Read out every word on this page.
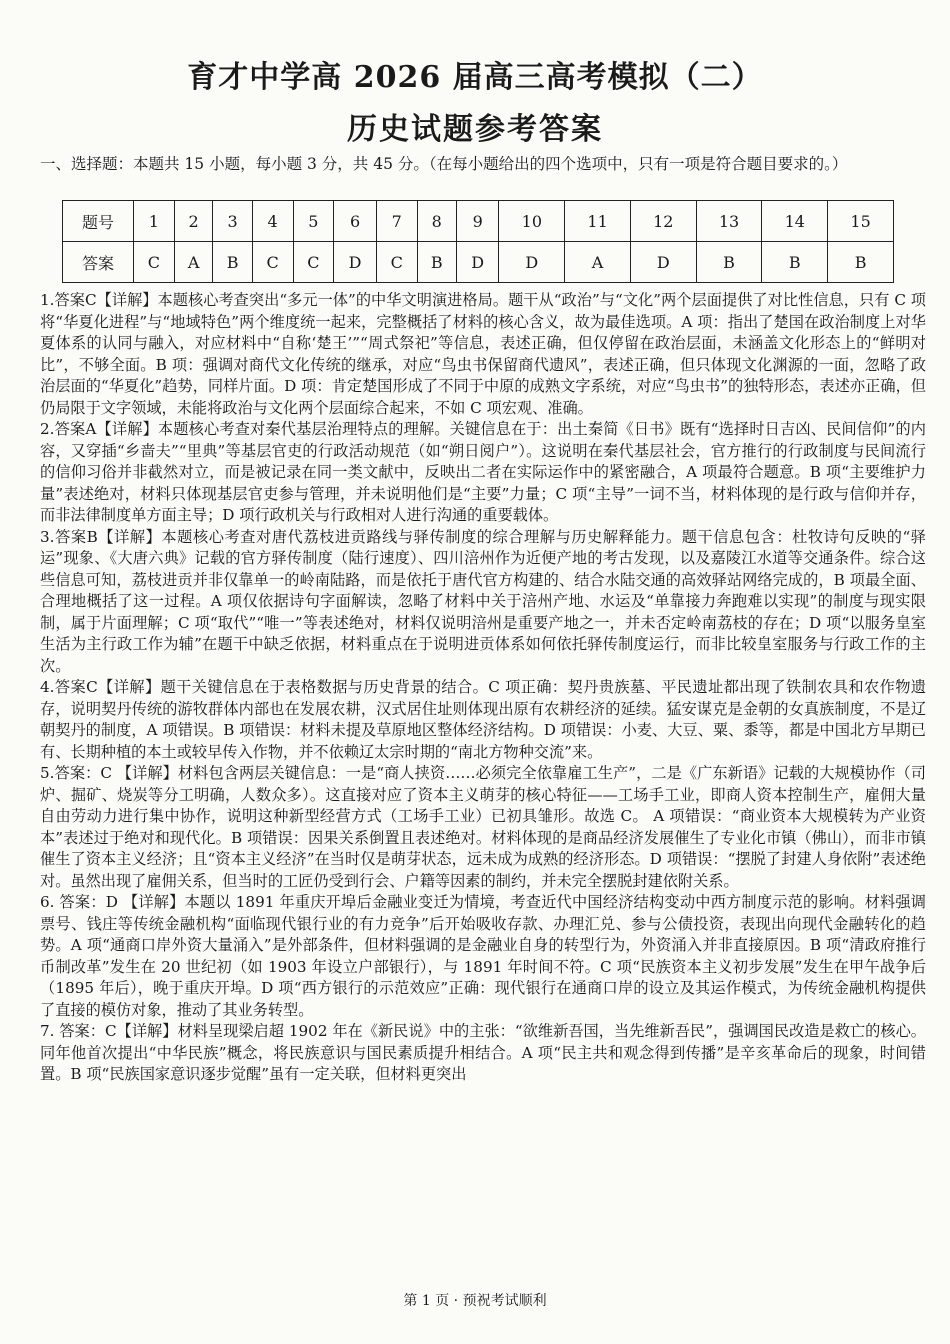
育才中学高 2026 届高三高考模拟（二）
历史试题参考答案

一、选择题：本题共 15 小题，每小题 3 分，共 45 分。（在每小题给出的四个选项中，只有一项是符合题目要求的。）

题号	1	2	3	4	5	6	7	8	9	10	11	12	13	14	15
答案	C	A	B	C	C	D	C	B	D	D	A	D	B	B	B

1.答案C【详解】本题核心考查突出“多元一体”的中华文明演进格局。题干从“政治”与“文化”两个层面提供了对比性信息，只有 C 项将“华夏化进程”与“地域特色”两个维度统一起来，完整概括了材料的核心含义，故为最佳选项。A 项：指出了楚国在政治制度上对华夏体系的认同与融入，对应材料中“自称‘楚王’”“周式祭祀”等信息，表述正确，但仅停留在政治层面，未涵盖文化形态上的“鲜明对比”，不够全面。B 项：强调对商代文化传统的继承，对应“鸟虫书保留商代遗风”，表述正确，但只体现文化渊源的一面，忽略了政治层面的“华夏化”趋势，同样片面。D 项：肯定楚国形成了不同于中原的成熟文字系统，对应“鸟虫书”的独特形态，表述亦正确，但仍局限于文字领域，未能将政治与文化两个层面综合起来，不如 C 项宏观、准确。

2.答案A【详解】本题核心考查对秦代基层治理特点的理解。关键信息在于：出土秦简《日书》既有“选择时日吉凶、民间信仰”的内容，又穿插“乡啬夫”“里典”等基层官吏的行政活动规范（如“朔日阅户”）。这说明在秦代基层社会，官方推行的行政制度与民间流行的信仰习俗并非截然对立，而是被记录在同一类文献中，反映出二者在实际运作中的紧密融合，A 项最符合题意。B 项“主要维护力量”表述绝对，材料只体现基层官吏参与管理，并未说明他们是“主要”力量；C 项“主导”一词不当，材料体现的是行政与信仰并存，而非法律制度单方面主导；D 项行政机关与行政相对人进行沟通的重要载体。

3.答案B【详解】本题核心考查对唐代荔枝进贡路线与驿传制度的综合理解与历史解释能力。题干信息包含：杜牧诗句反映的“驿运”现象、《大唐六典》记载的官方驿传制度（陆行速度）、四川涪州作为近便产地的考古发现，以及嘉陵江水道等交通条件。综合这些信息可知，荔枝进贡并非仅靠单一的岭南陆路，而是依托于唐代官方构建的、结合水陆交通的高效驿站网络完成的，B 项最全面、合理地概括了这一过程。A 项仅依据诗句字面解读，忽略了材料中关于涪州产地、水运及“单靠接力奔跑难以实现”的制度与现实限制，属于片面理解；C 项“取代”“唯一”等表述绝对，材料仅说明涪州是重要产地之一，并未否定岭南荔枝的存在；D 项“以服务皇室生活为主行政工作为辅”在题干中缺乏依据，材料重点在于说明进贡体系如何依托驿传制度运行，而非比较皇室服务与行政工作的主次。

4.答案C【详解】题干关键信息在于表格数据与历史背景的结合。C 项正确：契丹贵族墓、平民遗址都出现了铁制农具和农作物遗存，说明契丹传统的游牧群体内部也在发展农耕，汉式居住址则体现出原有农耕经济的延续。猛安谋克是金朝的女真族制度，不是辽朝契丹的制度，A 项错误。B 项错误：材料未提及草原地区整体经济结构。D 项错误：小麦、大豆、粟、黍等，都是中国北方早期已有、长期种植的本土或较早传入作物，并不依赖辽太宗时期的“南北方物种交流”来。

5.答案：C 【详解】材料包含两层关键信息：一是“商人挟资……必须完全依靠雇工生产”，二是《广东新语》记载的大规模协作（司炉、掘矿、烧炭等分工明确，人数众多）。这直接对应了资本主义萌芽的核心特征——工场手工业，即商人资本控制生产，雇佣大量自由劳动力进行集中协作，说明这种新型经营方式（工场手工业）已初具雏形。故选 C。 A 项错误：“商业资本大规模转为产业资本”表述过于绝对和现代化。B 项错误：因果关系倒置且表述绝对。材料体现的是商品经济发展催生了专业化市镇（佛山），而非市镇催生了资本主义经济；且“资本主义经济”在当时仅是萌芽状态，远未成为成熟的经济形态。D 项错误：“摆脱了封建人身依附”表述绝对。虽然出现了雇佣关系，但当时的工匠仍受到行会、户籍等因素的制约，并未完全摆脱封建依附关系。

6. 答案：D 【详解】本题以 1891 年重庆开埠后金融业变迁为情境，考查近代中国经济结构变动中西方制度示范的影响。材料强调票号、钱庄等传统金融机构“面临现代银行业的有力竞争”后开始吸收存款、办理汇兑、参与公债投资，表现出向现代金融转化的趋势。A 项“通商口岸外资大量涌入”是外部条件，但材料强调的是金融业自身的转型行为，外资涌入并非直接原因。B 项“清政府推行币制改革”发生在 20 世纪初（如 1903 年设立户部银行），与 1891 年时间不符。C 项“民族资本主义初步发展”发生在甲午战争后（1895 年后），晚于重庆开埠。D 项“西方银行的示范效应”正确：现代银行在通商口岸的设立及其运作模式，为传统金融机构提供了直接的模仿对象，推动了其业务转型。

7. 答案：C【详解】材料呈现梁启超 1902 年在《新民说》中的主张：“欲维新吾国，当先维新吾民”，强调国民改造是救亡的核心。同年他首次提出“中华民族”概念，将民族意识与国民素质提升相结合。A 项“民主共和观念得到传播”是辛亥革命后的现象，时间错置。B 项“民族国家意识逐步觉醒”虽有一定关联，但材料更突出

第 1 页 · 预祝考试顺利
